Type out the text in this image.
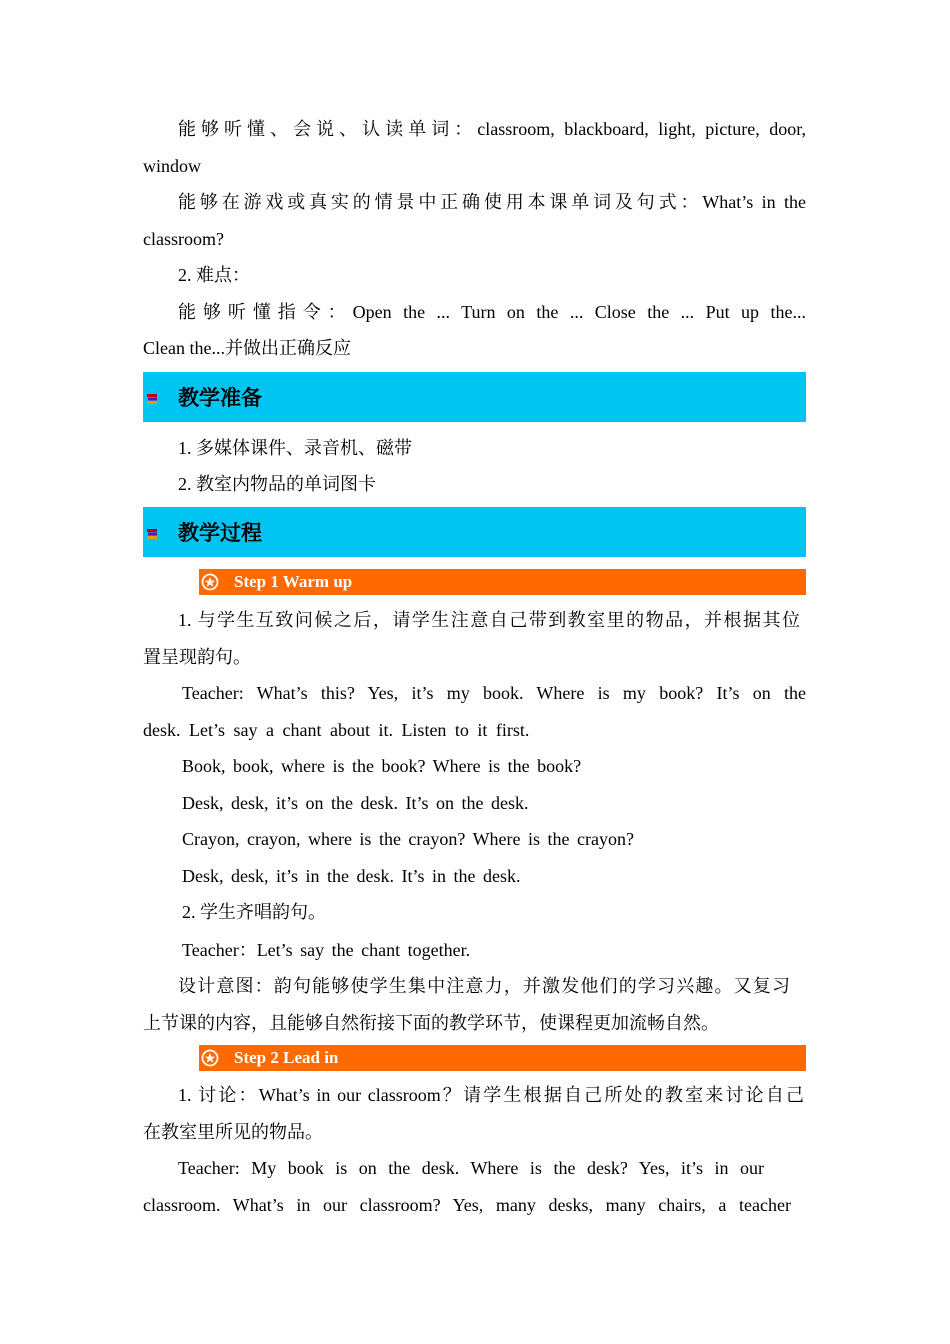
能够听懂、会说、认读单词：classroom, blackboard, light, picture, door,
window
能够在游戏或真实的情景中正确使用本课单词及句式：What’s in the
classroom?
2. 难点：
能够听懂指令：Open the ... Turn on the ... Close the ... Put up the...
Clean the...并做出正确反应
教学准备
1. 多媒体课件、录音机、磁带
2. 教室内物品的单词图卡
教学过程
Step 1 Warm up
1. 与学生互致问候之后，请学生注意自己带到教室里的物品，并根据其位
置呈现韵句。
Teacher: What’s this? Yes, it’s my book. Where is my book? It’s on the
desk. Let’s say a chant about it. Listen to it first.
Book, book, where is the book? Where is the book?
Desk, desk, it’s on the desk. It’s on the desk.
Crayon, crayon, where is the crayon? Where is the crayon?
Desk, desk, it’s in the desk. It’s in the desk.
2. 学生齐唱韵句。
Teacher：Let’s say the chant together.
设计意图：韵句能够使学生集中注意力，并激发他们的学习兴趣。又复习
上节课的内容，且能够自然衔接下面的教学环节，使课程更加流畅自然。
Step 2 Lead in
1. 讨论：What’s in our classroom？请学生根据自己所处的教室来讨论自己
在教室里所见的物品。
Teacher: My book is on the desk. Where is the desk? Yes, it’s in our
classroom. What’s in our classroom? Yes, many desks, many chairs, a teacher
